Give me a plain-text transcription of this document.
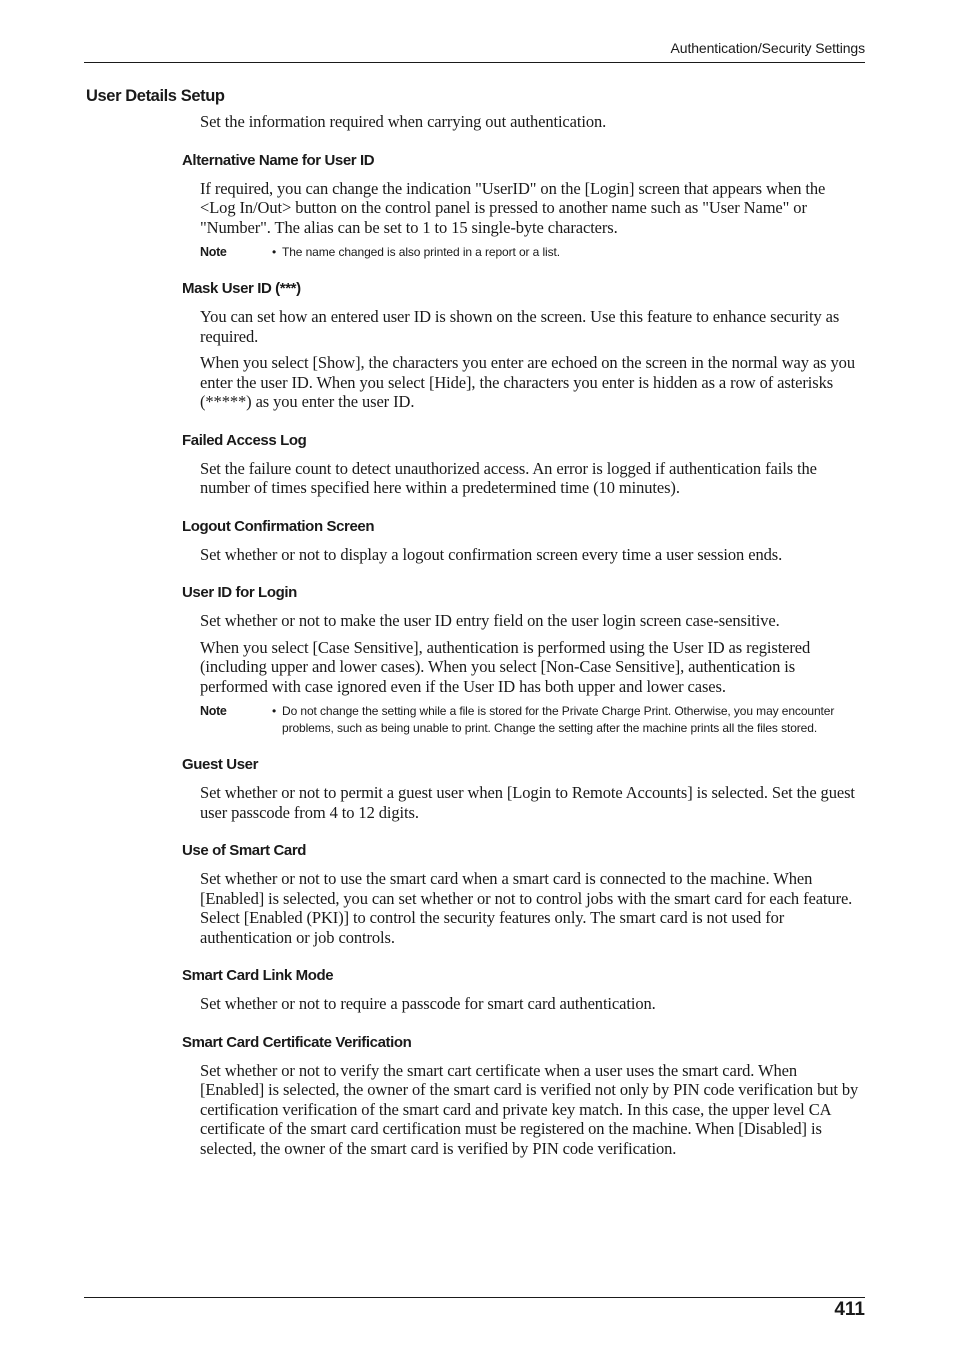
Authentication/Security Settings
User Details Setup
Set the information required when carrying out authentication.
Alternative Name for User ID
If required, you can change the indication "UserID" on the [Login] screen that appears when the <Log In/Out> button on the control panel is pressed to another name such as "User Name" or "Number". The alias can be set to 1 to 15 single-byte characters.
Note	• The name changed is also printed in a report or a list.
Mask User ID (***)
You can set how an entered user ID is shown on the screen. Use this feature to enhance security as required.
When you select [Show], the characters you enter are echoed on the screen in the normal way as you enter the user ID. When you select [Hide], the characters you enter is hidden as a row of asterisks (*****) as you enter the user ID.
Failed Access Log
Set the failure count to detect unauthorized access. An error is logged if authentication fails the number of times specified here within a predetermined time (10 minutes).
Logout Confirmation Screen
Set whether or not to display a logout confirmation screen every time a user session ends.
User ID for Login
Set whether or not to make the user ID entry field on the user login screen case-sensitive.
When you select [Case Sensitive], authentication is performed using the User ID as registered (including upper and lower cases). When you select [Non-Case Sensitive], authentication is performed with case ignored even if the User ID has both upper and lower cases.
Note	• Do not change the setting while a file is stored for the Private Charge Print. Otherwise, you may encounter problems, such as being unable to print. Change the setting after the machine prints all the files stored.
Guest User
Set whether or not to permit a guest user when [Login to Remote Accounts] is selected. Set the guest user passcode from 4 to 12 digits.
Use of Smart Card
Set whether or not to use the smart card when a smart card is connected to the machine. When [Enabled] is selected, you can set whether or not to control jobs with the smart card for each feature. Select [Enabled (PKI)] to control the security features only. The smart card is not used for authentication or job controls.
Smart Card Link Mode
Set whether or not to require a passcode for smart card authentication.
Smart Card Certificate Verification
Set whether or not to verify the smart cart certificate when a user uses the smart card. When [Enabled] is selected, the owner of the smart card is verified not only by PIN code verification but by certification verification of the smart card and private key match. In this case, the upper level CA certificate of the smart card certification must be registered on the machine. When [Disabled] is selected, the owner of the smart card is verified by PIN code verification.
411
